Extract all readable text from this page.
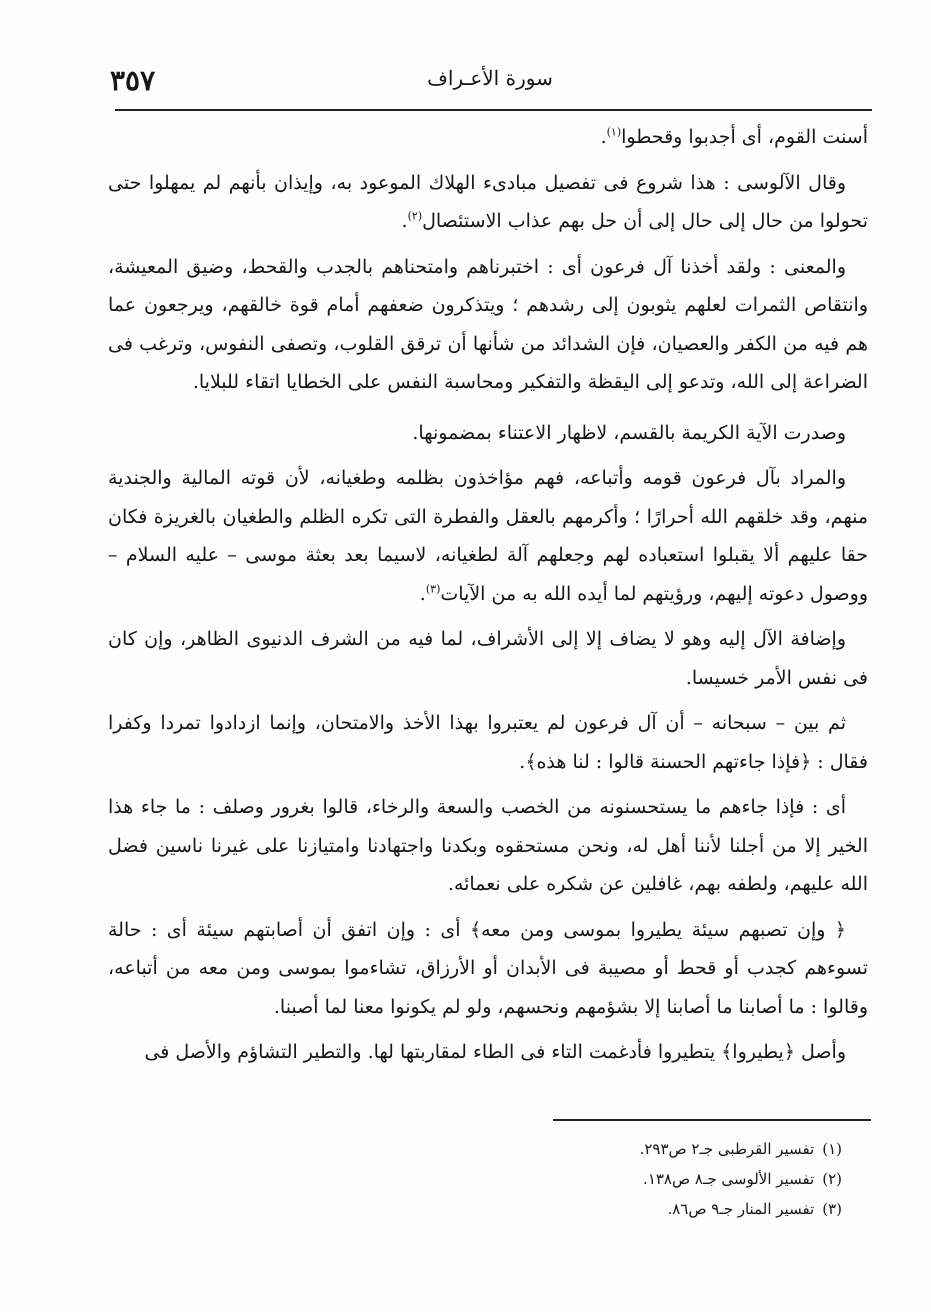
٣٥٧	سورة الأعـراف

أسنت القوم، أى أجدبوا وقحطوا$^{(١)}$.

وقال الآلوسى : هذا شروع فى تفصيل مبادىء الهلاك الموعود به، وإيذان بأنهم لم يمهلوا حتى تحولوا من حال إلى حال إلى أن حل بهم عذاب الاستئصال$^{(٢)}$.

والمعنى : ولقد أخذنا آل فرعون أى : اختبرناهم وامتحناهم بالجدب والقحط، وضيق المعيشة، وانتقاص الثمرات لعلهم يثوبون إلى رشدهم ؛ ويتذكرون ضعفهم أمام قوة خالقهم، ويرجعون عما هم فيه من الكفر والعصيان، فإن الشدائد من شأنها أن ترقق القلوب، وتصفى النفوس، وترغب فى الضراعة إلى الله، وتدعو إلى اليقظة والتفكير ومحاسبة النفس على الخطايا اتقاء للبلايا.

وصدرت الآية الكريمة بالقسم، لاظهار الاعتناء بمضمونها.

والمراد بآل فرعون قومه وأتباعه، فهم مؤاخذون بظلمه وطغيانه، لأن قوته المالية والجندية منهم، وقد خلقهم الله أحرارًا ؛ وأكرمهم بالعقل والفطرة التى تكره الظلم والطغيان بالغريزة فكان حقا عليهم ألا يقبلوا استعباده لهم وجعلهم آلة لطغيانه، لاسيما بعد بعثة موسى – عليه السلام – ووصول دعوته إليهم، ورؤيتهم لما أيده الله به من الآيات$^{(٣)}$.

وإضافة الآل إليه وهو لا يضاف إلا إلى الأشراف، لما فيه من الشرف الدنيوى الظاهر، وإن كان فى نفس الأمر خسيسا.

ثم بين – سبحانه – أن آل فرعون لم يعتبروا بهذا الأخذ والامتحان، وإنما ازدادوا تمردا وكفرا فقال : ﴿فإذا جاءتهم الحسنة قالوا : لنا هذه﴾.

أى : فإذا جاءهم ما يستحسنونه من الخصب والسعة والرخاء، قالوا بغرور وصلف : ما جاء هذا الخير إلا من أجلنا لأننا أهل له، ونحن مستحقوه وبكدنا واجتهادنا وامتيازنا على غيرنا ناسين فضل الله عليهم، ولطفه بهم، غافلين عن شكره على نعمائه.

﴿ وإن تصبهم سيئة يطيروا بموسى ومن معه﴾ أى : وإن اتفق أن أصابتهم سيئة أى : حالة تسوءهم كجدب أو قحط أو مصيبة فى الأبدان أو الأرزاق، تشاءموا بموسى ومن معه من أتباعه، وقالوا : ما أصابنا ما أصابنا إلا بشؤمهم ونحسهم، ولو لم يكونوا معنا لما أصبنا.

وأصل ﴿يطيروا﴾ يتطيروا فأدغمت التاء فى الطاء لمقاربتها لها. والتطير التشاؤم والأصل فى

(١)تفسير القرطبى جـ٢ ص٢٩٣.

(٢)تفسير الألوسى جـ٨ ص١٣٨.

(٣)تفسير المنار جـ٩ ص٨٦.
